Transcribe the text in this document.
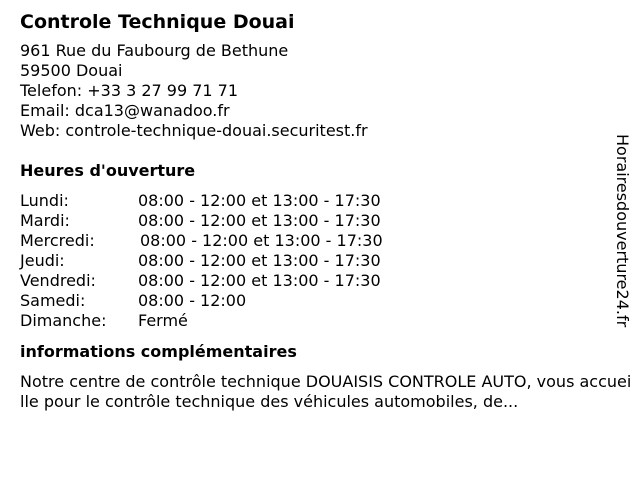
Controle Technique Douai
961 Rue du Faubourg de Bethune
59500 Douai
Telefon: +33 3 27 99 71 71
Email: dca13@wanadoo.fr
Web: controle-technique-douai.securitest.fr
Heures d'ouverture
Lundi:	08:00 - 12:00 et 13:00 - 17:30
Mardi:	08:00 - 12:00 et 13:00 - 17:30
Mercredi:	08:00 - 12:00 et 13:00 - 17:30
Jeudi:	08:00 - 12:00 et 13:00 - 17:30
Vendredi:	08:00 - 12:00 et 13:00 - 17:30
Samedi:	08:00 - 12:00
Dimanche: Fermé
informations complémentaires
Notre centre de contrôle technique DOUAISIS CONTROLE AUTO, vous accueille pour le contrôle technique des véhicules automobiles, de...
Horairesdouverture24.fr
